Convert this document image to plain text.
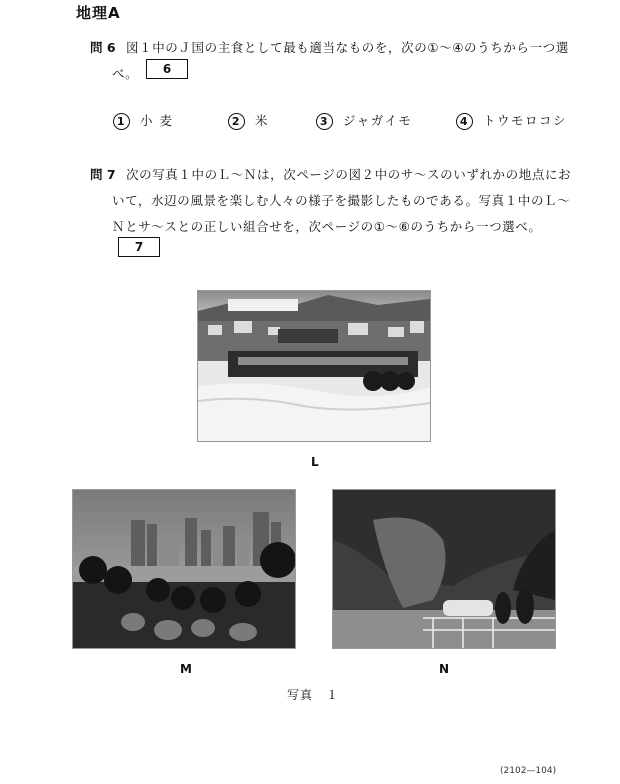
地理A
問 6 図１中のＪ国の主食として最も適当なものを，次の①〜④のうちから一つ選
べ。	6
1 小 麦	2 米	3 ジャガイモ	4 トウモロコシ
問 7 次の写真１中のＬ〜Ｎは，次ページの図２中のサ〜スのいずれかの地点にお
いて，水辺の風景を楽しむ人々の様子を撮影したものである。写真１中のＬ〜
Ｎとサ〜スとの正しい組合せを，次ページの①〜⑥のうちから一つ選べ。
7
L
M	N
写真　１
(2102—104)
